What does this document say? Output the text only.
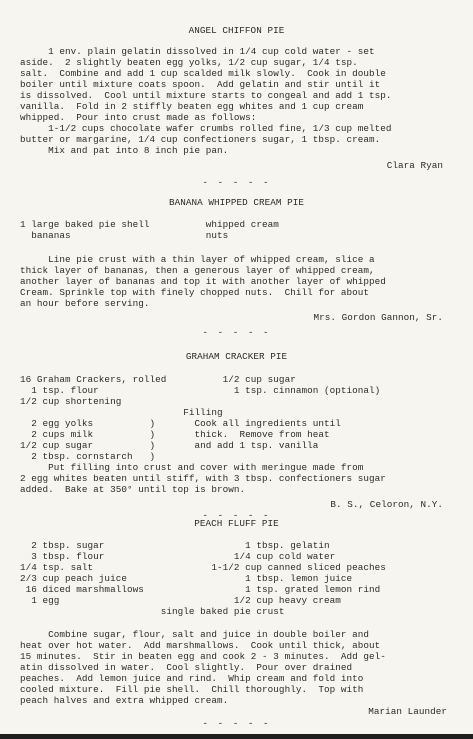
ANGEL CHIFFON PIE
1 env. plain gelatin dissolved in 1/4 cup cold water - set
aside.  2 slightly beaten egg yolks, 1/2 cup sugar, 1/4 tsp.
salt.  Combine and add 1 cup scalded milk slowly.  Cook in double
boiler until mixture coats spoon.  Add gelatin and stir until it
is dissolved.  Cool until mixture starts to congeal and add 1 tsp.
vanilla.  Fold in 2 stiffly beaten egg whites and 1 cup cream
whipped.  Pour into crust made as follows:
1-1/2 cups chocolate wafer crumbs rolled fine, 1/3 cup melted
butter or margarine, 1/4 cup confectioners sugar, 1 tbsp. cream.
Mix and pat into 8 inch pie pan.
Clara Ryan
- - - - -
BANANA WHIPPED CREAM PIE
1 large baked pie shell          whipped cream
bananas                        nuts
Line pie crust with a thin layer of whipped cream, slice a
thick layer of bananas, then a generous layer of whipped cream,
another layer of bananas and top it with another layer of whipped
Cream. Sprinkle top with finely chopped nuts.  Chill for about
an hour before serving.
Mrs. Gordon Gannon, Sr.
- - - - -
GRAHAM CRACKER PIE
16 Graham Crackers, rolled          1/2 cup sugar
1 tsp. flour                        1 tsp. cinnamon (optional)
1/2 cup shortening
Filling
2 egg yolks          )       Cook all ingredients until
2 cups milk          )       thick.  Remove from heat
1/2 cup sugar          )       and add 1 tsp. vanilla
2 tbsp. cornstarch   )
Put filling into crust and cover with meringue made from
2 egg whites beaten until stiff, with 3 tbsp. confectioners sugar
added.  Bake at 350° until top is brown.
B. S., Celoron, N.Y.
- - - - -
PEACH FLUFF PIE
2 tbsp. sugar                         1 tbsp. gelatin
3 tbsp. flour                       1/4 cup cold water
1/4 tsp. salt                     1-1/2 cup canned sliced peaches
2/3 cup peach juice                     1 tbsp. lemon juice
16 diced marshmallows                  1 tsp. grated lemon rind
1 egg                               1/2 cup heavy cream
single baked pie crust
Combine sugar, flour, salt and juice in double boiler and
heat over hot water.  Add marshmallows.  Cook until thick, about
15 minutes.  Stir in beaten egg and cook 2 - 3 minutes.  Add gel-
atin dissolved in water.  Cool slightly.  Pour over drained
peaches.  Add lemon juice and rind.  Whip cream and fold into
cooled mixture.  Fill pie shell.  Chill thoroughly.  Top with
peach halves and extra whipped cream.
Marian Launder
- - - - -
